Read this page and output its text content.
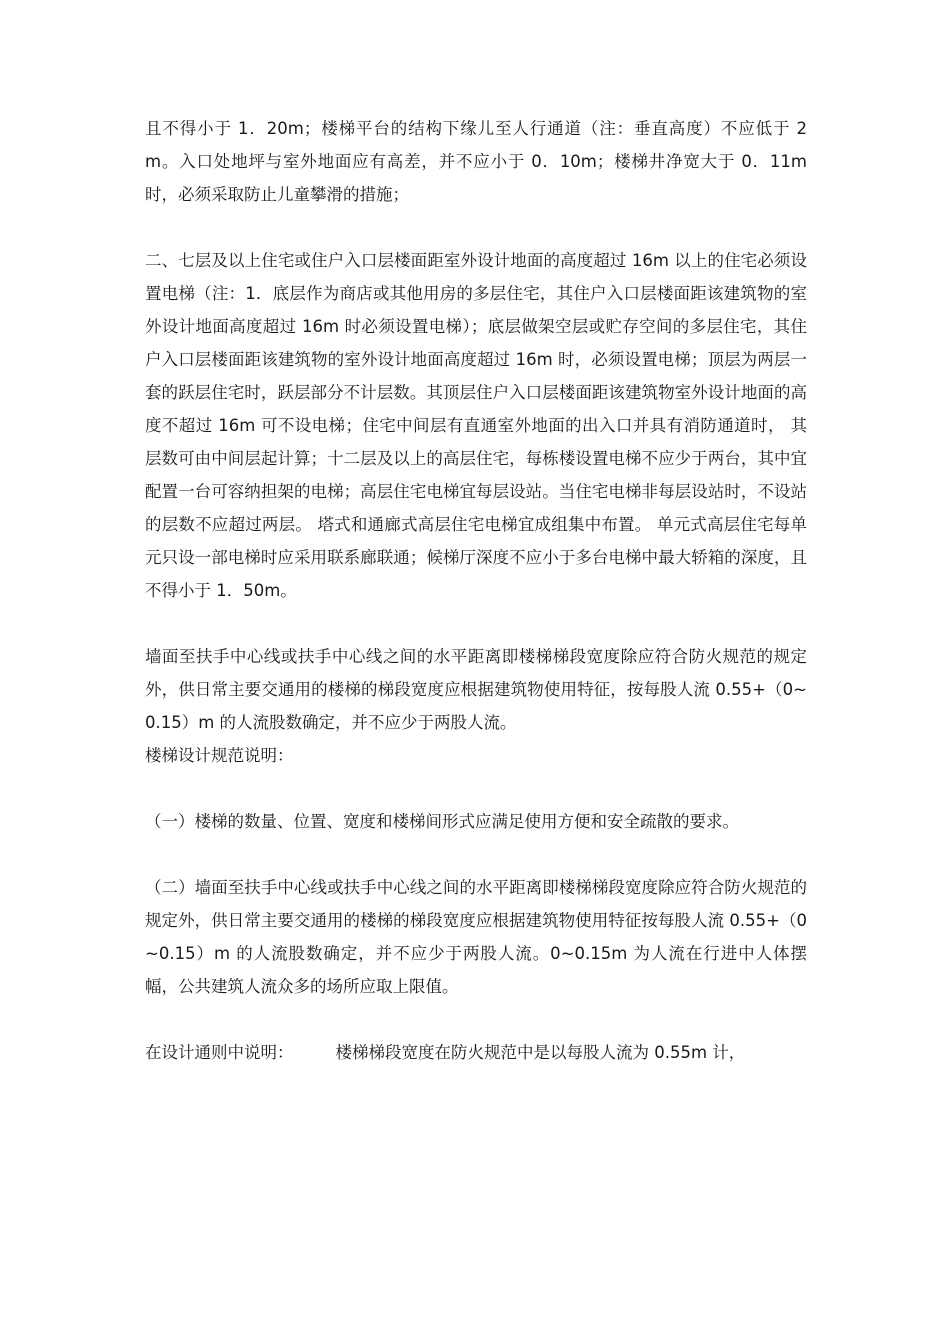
且不得小于 1．20m；楼梯平台的结构下缘儿至人行通道（注：垂直高度）不应低于 2m。入口处地坪与室外地面应有高差，并不应小于 0．10m；楼梯井净宽大于 0．11m 时，必须采取防止儿童攀滑的措施；

二、七层及以上住宅或住户入口层楼面距室外设计地面的高度超过 16m 以上的住宅必须设置电梯（注：1．底层作为商店或其他用房的多层住宅，其住户入口层楼面距该建筑物的室外设计地面高度超过 16m 时必须设置电梯）；底层做架空层或贮存空间的多层住宅，其住户入口层楼面距该建筑物的室外设计地面高度超过 16m 时，必须设置电梯；顶层为两层一套的跃层住宅时，跃层部分不计层数。其顶层住户入口层楼面距该建筑物室外设计地面的高度不超过 16m 可不设电梯；住宅中间层有直通室外地面的出入口并具有消防通道时， 其 层数可由中间层起计算；十二层及以上的高层住宅，每栋楼设置电梯不应少于两台，其中宜配置一台可容纳担架的电梯；高层住宅电梯宜每层设站。当住宅电梯非每层设站时，不设站的层数不应超过两层。 塔式和通廊式高层住宅电梯宜成组集中布置。 单元式高层住宅每单元只设一部电梯时应采用联系廊联通；候梯厅深度不应小于多台电梯中最大轿箱的深度，且不得小于 1．50m。

墙面至扶手中心线或扶手中心线之间的水平距离即楼梯梯段宽度除应符合防火规范的规定外，供日常主要交通用的楼梯的梯段宽度应根据建筑物使用特征，按每股人流 0.55+（0~0.15）m 的人流股数确定，并不应少于两股人流。

楼梯设计规范说明：

（一）楼梯的数量、位置、宽度和楼梯间形式应满足使用方便和安全疏散的要求。

（二）墙面至扶手中心线或扶手中心线之间的水平距离即楼梯梯段宽度除应符合防火规范的规定外，供日常主要交通用的楼梯的梯段宽度应根据建筑物使用特征按每股人流 0.55+（0~0.15）m 的人流股数确定，并不应少于两股人流。0~0.15m 为人流在行进中人体摆幅，公共建筑人流众多的场所应取上限值。

在设计通则中说明：        楼梯梯段宽度在防火规范中是以每股人流为 0.55m 计，
